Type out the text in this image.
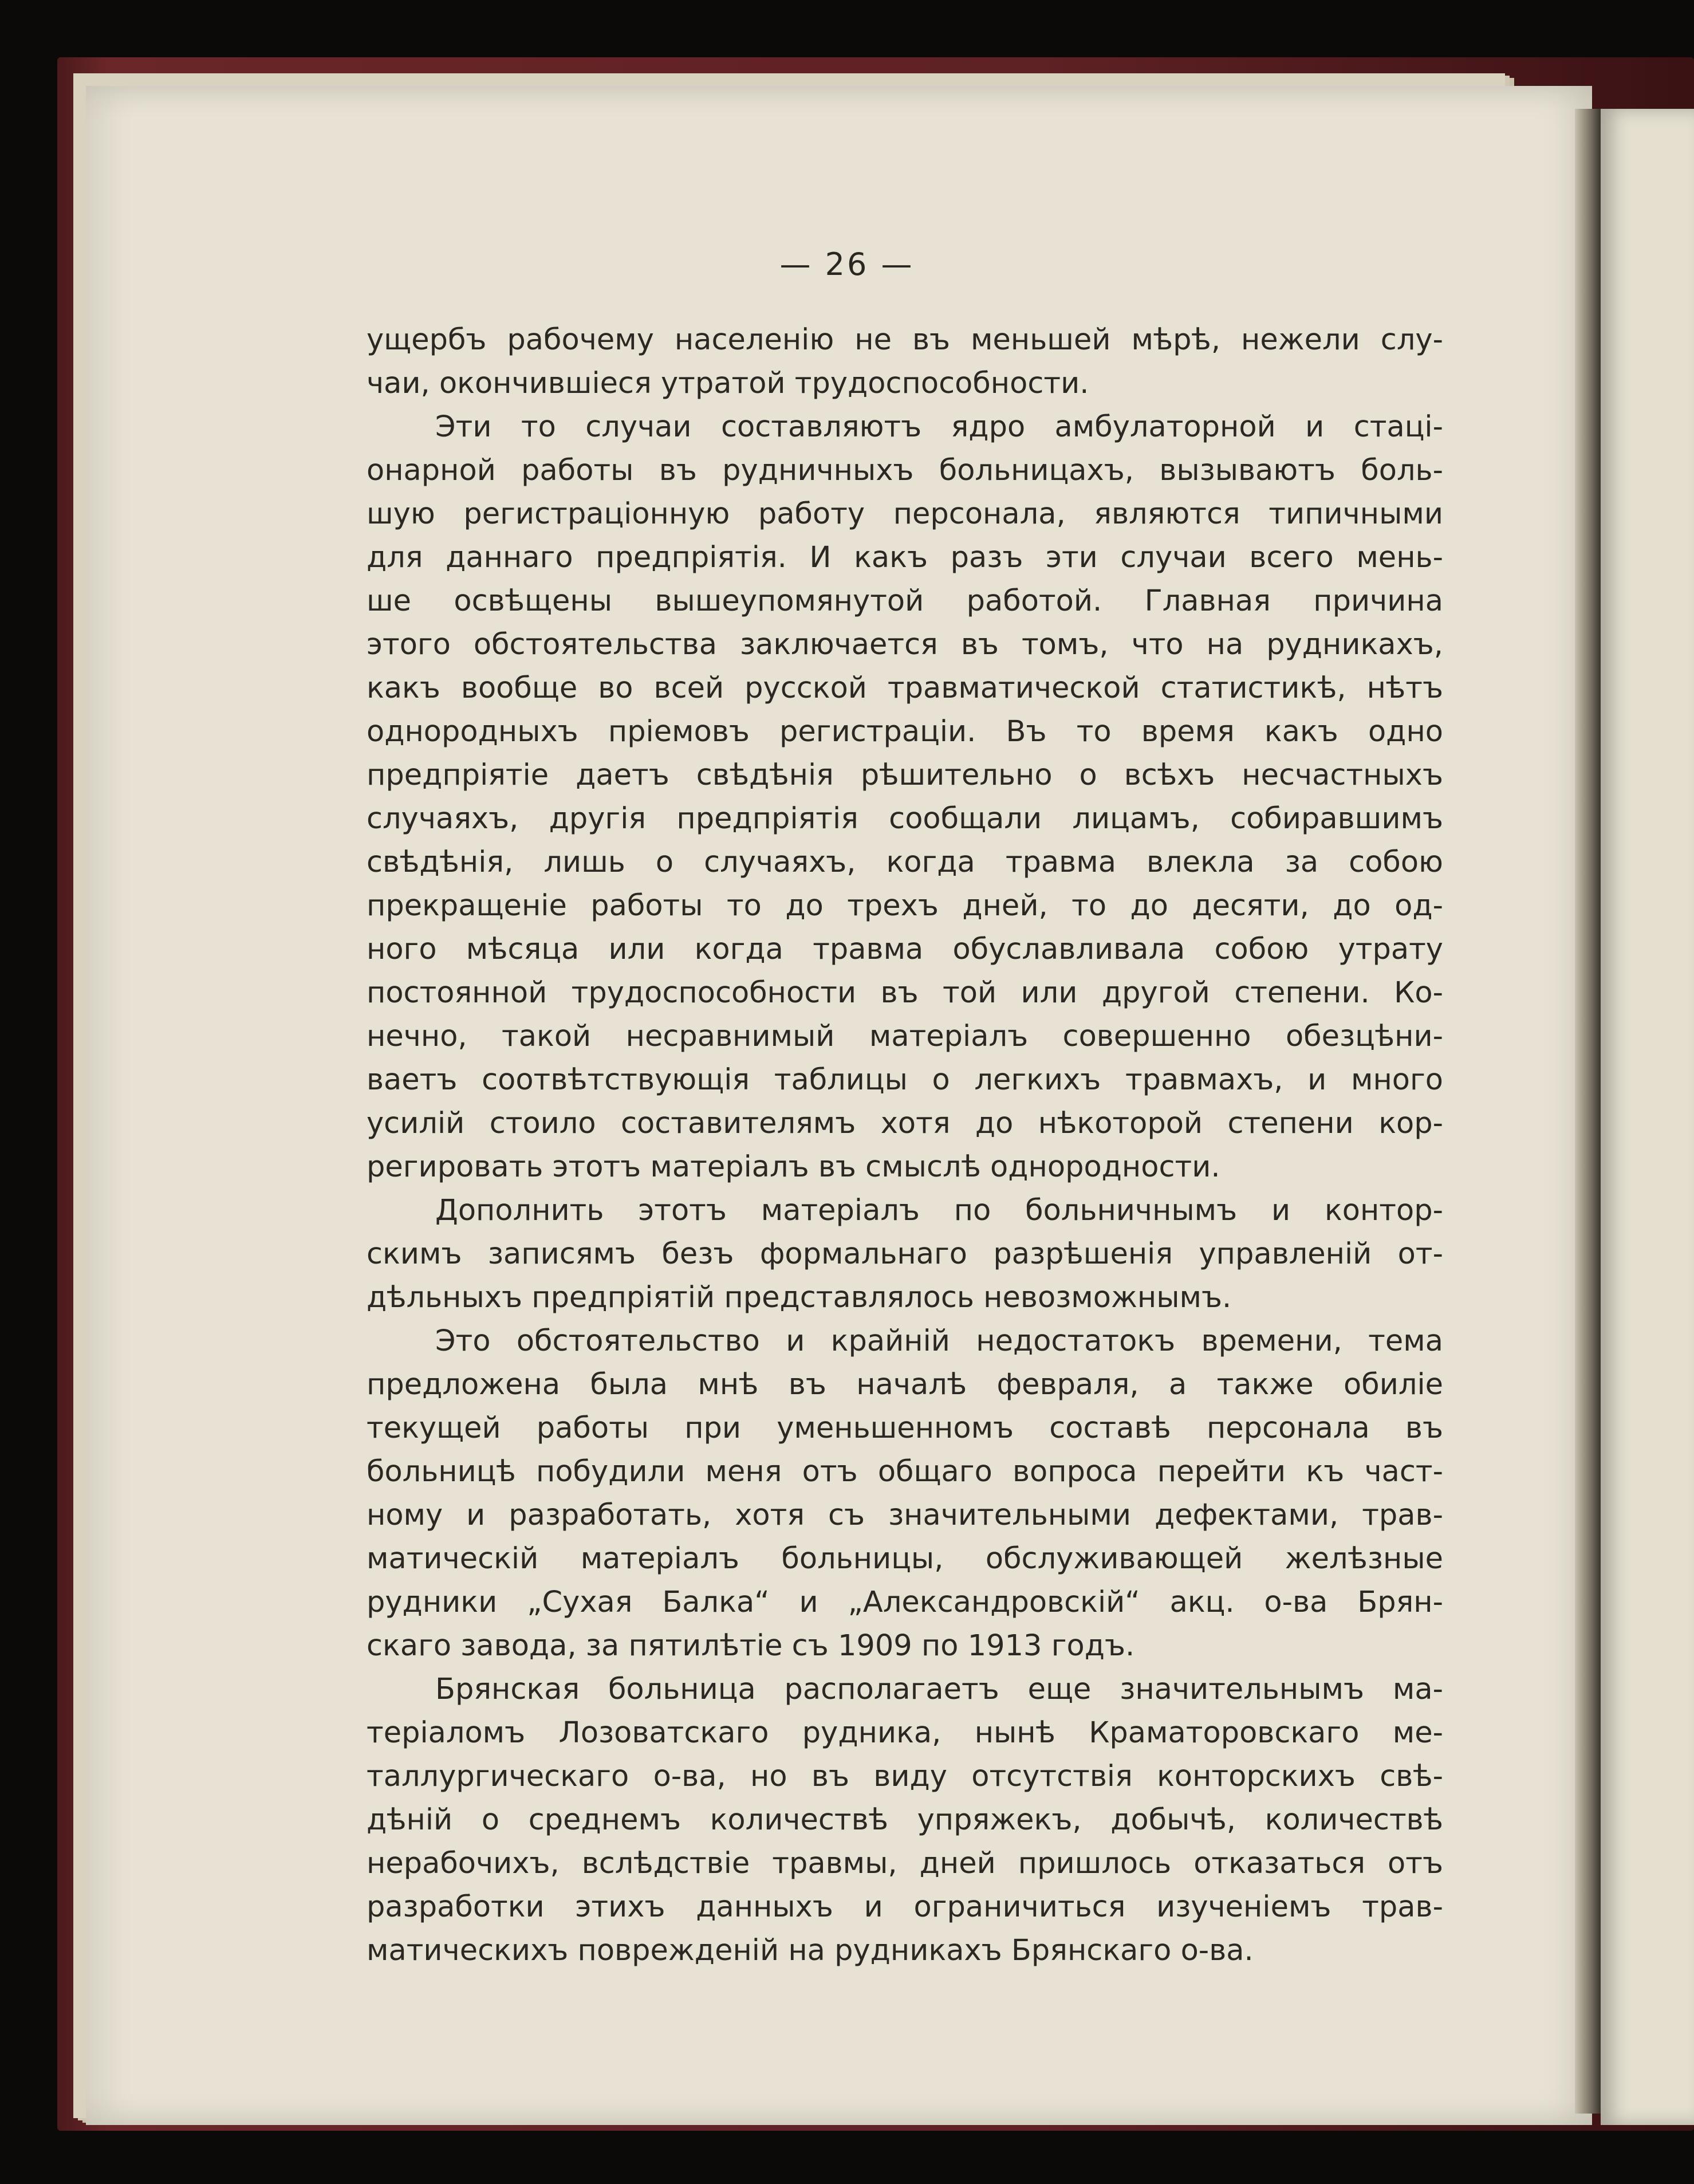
— 26 —
ущербъ рабочему населенію не въ меньшей мѣрѣ, нежели слу-
чаи, окончившіеся утратой трудоспособности.
Эти то случаи составляютъ ядро амбулаторной и стаці-
онарной работы въ рудничныхъ больницахъ, вызываютъ боль-
шую регистраціонную работу персонала, являются типичными
для даннаго предпріятія. И какъ разъ эти случаи всего мень-
ше освѣщены вышеупомянутой работой. Главная причина
этого обстоятельства заключается въ томъ, что на рудникахъ,
какъ вообще во всей русской травматической статистикѣ, нѣтъ
однородныхъ пріемовъ регистраціи. Въ то время какъ одно
предпріятіе даетъ свѣдѣнія рѣшительно о всѣхъ несчастныхъ
случаяхъ, другія предпріятія сообщали лицамъ, собиравшимъ
свѣдѣнія, лишь о случаяхъ, когда травма влекла за собою
прекращеніе работы то до трехъ дней, то до десяти, до од-
ного мѣсяца или когда травма обуславливала собою утрату
постоянной трудоспособности въ той или другой степени. Ко-
нечно, такой несравнимый матеріалъ совершенно обезцѣни-
ваетъ соотвѣтствующія таблицы о легкихъ травмахъ, и много
усилій стоило составителямъ хотя до нѣкоторой степени кор-
регировать этотъ матеріалъ въ смыслѣ однородности.
Дополнить этотъ матеріалъ по больничнымъ и контор-
скимъ записямъ безъ формальнаго разрѣшенія управленій от-
дѣльныхъ предпріятій представлялось невозможнымъ.
Это обстоятельство и крайній недостатокъ времени, тема
предложена была мнѣ въ началѣ февраля, а также обиліе
текущей работы при уменьшенномъ составѣ персонала въ
больницѣ побудили меня отъ общаго вопроса перейти къ част-
ному и разработать, хотя съ значительными дефектами, трав-
матическій матеріалъ больницы, обслуживающей желѣзные
рудники „Сухая Балка“ и „Александровскій“ акц. о-ва Брян-
скаго завода, за пятилѣтіе съ 1909 по 1913 годъ.
Брянская больница располагаетъ еще значительнымъ ма-
теріаломъ Лозоватскаго рудника, нынѣ Краматоровскаго ме-
таллургическаго о-ва, но въ виду отсутствія конторскихъ свѣ-
дѣній о среднемъ количествѣ упряжекъ, добычѣ, количествѣ
нерабочихъ, вслѣдствіе травмы, дней пришлось отказаться отъ
разработки этихъ данныхъ и ограничиться изученіемъ трав-
матическихъ поврежденій на рудникахъ Брянскаго о-ва.
